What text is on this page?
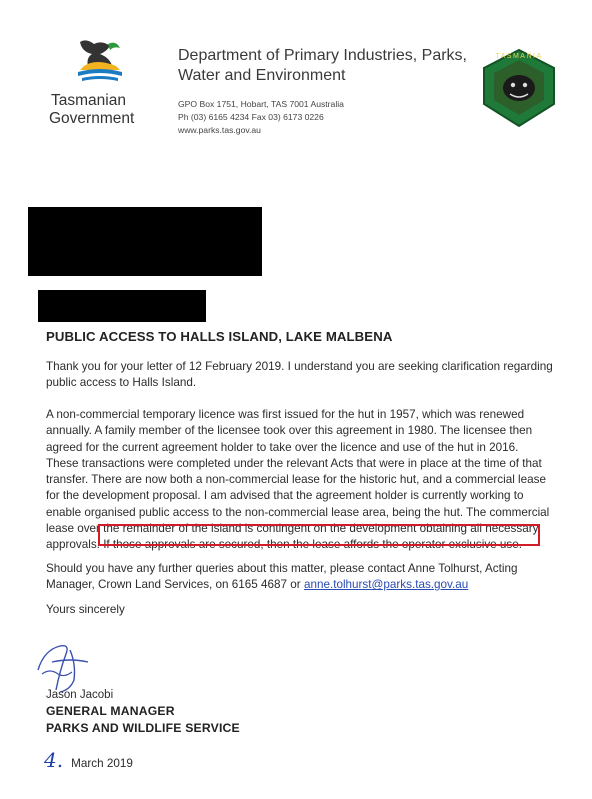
Tasmanian
Government
Department of Primary Industries, Parks,
Water and Environment
GPO Box 1751, Hobart, TAS 7001 Australia
Ph (03) 6165 4234 Fax 03) 6173 0226
www.parks.tas.gov.au
TASMANIA
PUBLIC ACCESS TO HALLS ISLAND, LAKE MALBENA

Thank you for your letter of 12 February 2019. I understand you are seeking clarification regarding

public access to Halls Island.

A non-commercial temporary licence was first issued for the hut in 1957, which was renewed

annually. A family member of the licensee took over this agreement in 1980. The licensee then

agreed for the current agreement holder to take over the licence and use of the hut in 2016.

These transactions were completed under the relevant Acts that were in place at the time of that

transfer. There are now both a non-commercial lease for the historic hut, and a commercial lease

for the development proposal. I am advised that the agreement holder is currently working to

enable organised public access to the non-commercial lease area, being the hut. The commercial

lease over the remainder of the island is contingent on the development obtaining all necessary

approvals. If those approvals are secured, then the lease affords the operator exclusive use.

Should you have any further queries about this matter, please contact Anne Tolhurst, Acting

Manager, Crown Land Services, on 6165 4687 or anne.tolhurst@parks.tas.gov.au

Yours sincerely

Jason Jacobi
GENERAL MANAGER
PARKS AND WILDLIFE SERVICE
4. March 2019
